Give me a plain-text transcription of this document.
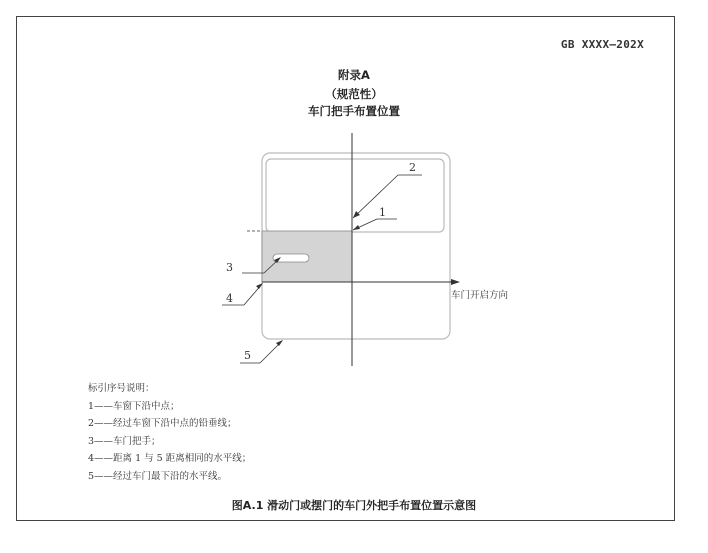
GB XXXX—202X
附录A
（规范性）
车门把手布置位置
1
2
3
4
5
车门开启方向
标引序号说明：
1——车窗下沿中点；
2——经过车窗下沿中点的铅垂线；
3——车门把手；
4——距离 1 与 5 距离相同的水平线；
5——经过车门最下沿的水平线。
图A.1 滑动门或摆门的车门外把手布置位置示意图
